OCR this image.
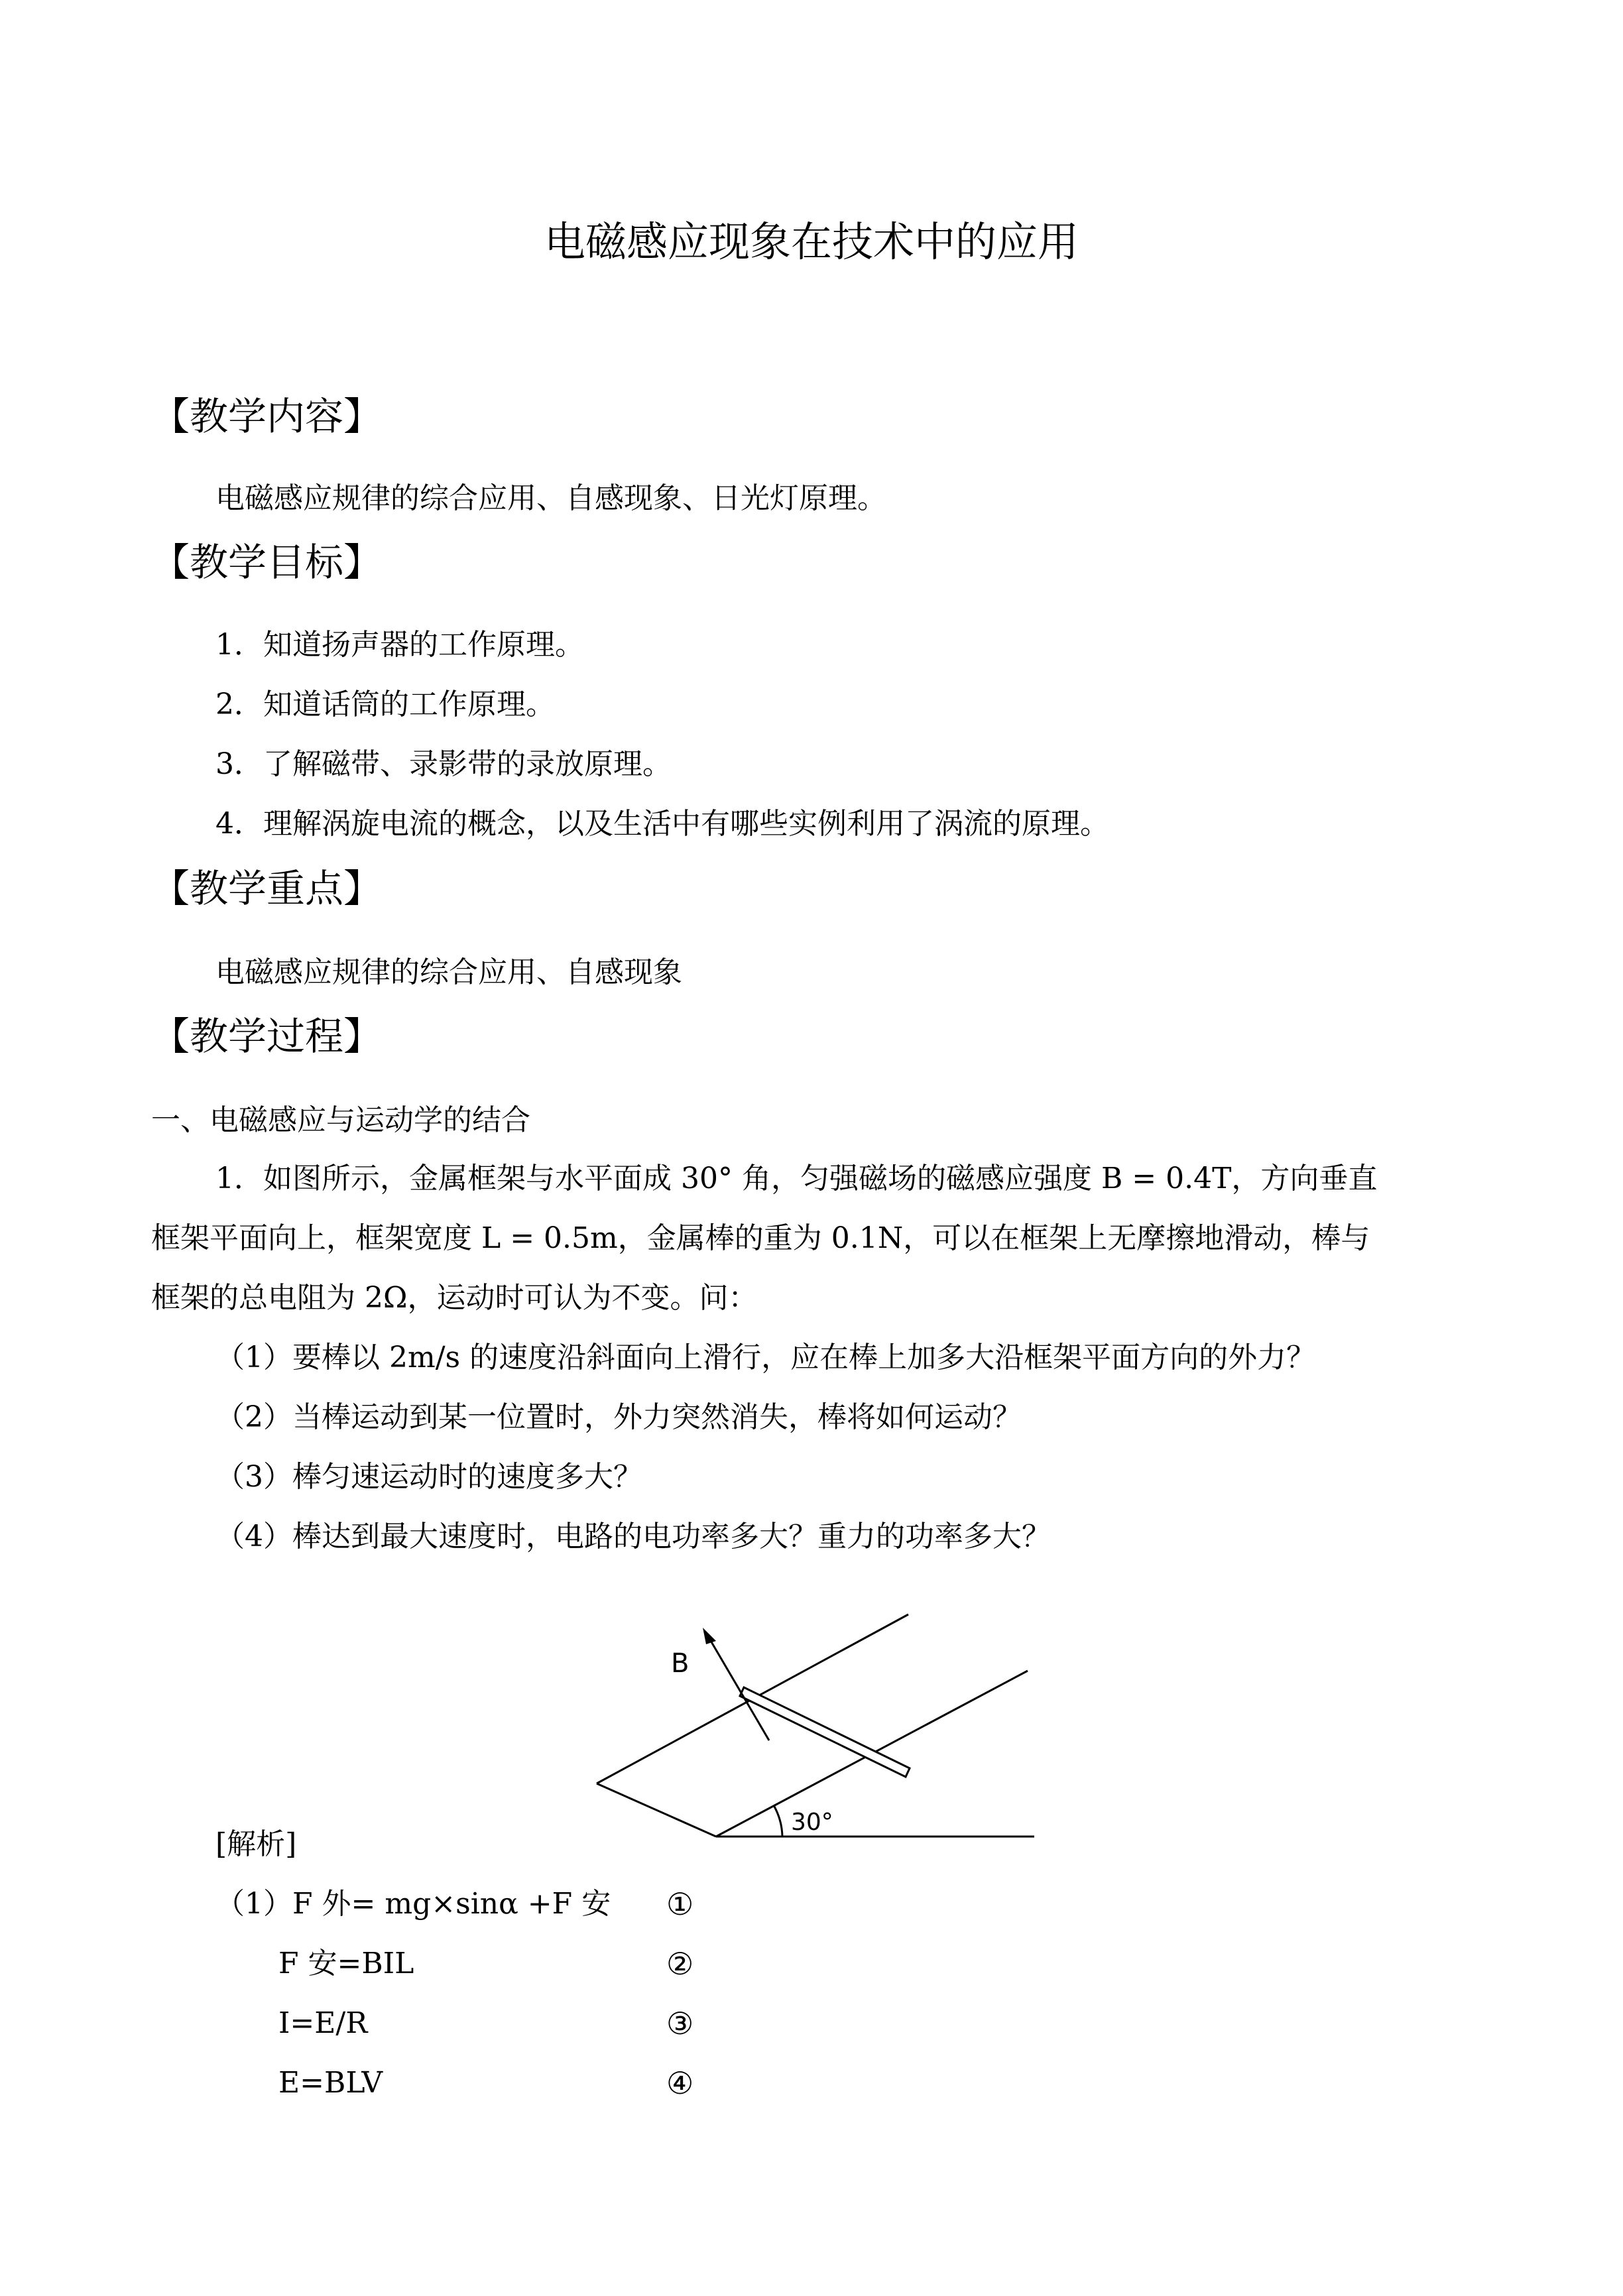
电磁感应现象在技术中的应用
【教学内容】
电磁感应规律的综合应用、自感现象、日光灯原理。
【教学目标】
1．知道扬声器的工作原理。
2．知道话筒的工作原理。
3．了解磁带、录影带的录放原理。
4．理解涡旋电流的概念，以及生活中有哪些实例利用了涡流的原理。
【教学重点】
电磁感应规律的综合应用、自感现象
【教学过程】
一、电磁感应与运动学的结合
1．如图所示，金属框架与水平面成 30° 角，匀强磁场的磁感应强度 B = 0.4T，方向垂直
框架平面向上，框架宽度 L = 0.5m，金属棒的重为 0.1N，可以在框架上无摩擦地滑动，棒与
框架的总电阻为 2Ω，运动时可认为不变。问：
（1）要棒以 2m/s 的速度沿斜面向上滑行，应在棒上加多大沿框架平面方向的外力？
（2）当棒运动到某一位置时，外力突然消失，棒将如何运动？
（3）棒匀速运动时的速度多大？
（4）棒达到最大速度时，电路的电功率多大？重力的功率多大？
30°
B
[解析]
（1）F 外= mg×sinα +F 安 ①
F 安=BIL	②
I=E/R	③
E=BLV	④
